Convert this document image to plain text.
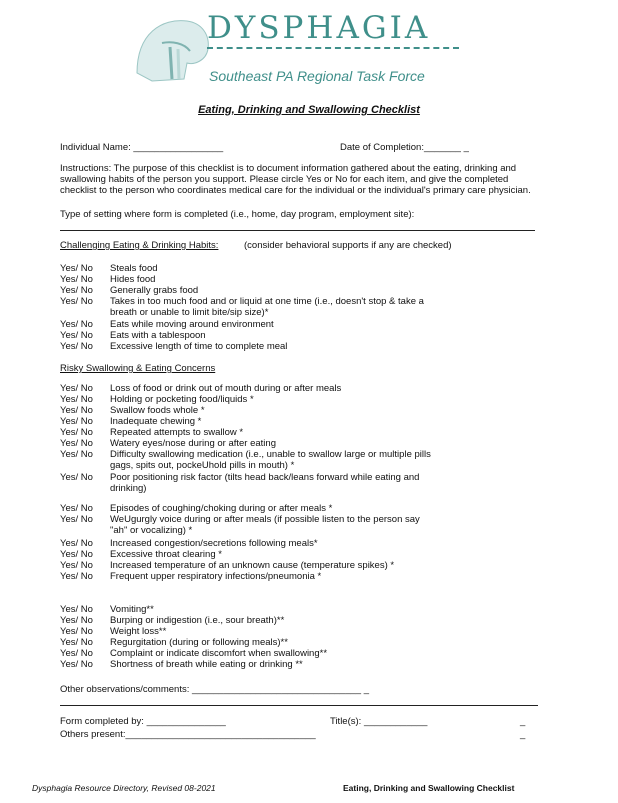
DYSPHAGIA
Southeast PA Regional Task Force
Eating, Drinking and Swallowing Checklist
Individual Name: _________________	Date of Completion:_______ _
Instructions: The purpose of this checklist is to document information gathered about the eating, drinking and
swallowing habits of the person you support. Please circle Yes or No for each item, and give the completed
checklist to the person who coordinates medical care for the individual or the individual's primary care physician.
Type of setting where form is completed (i.e., home, day program, employment site):
Challenging Eating & Drinking Habits:	(consider behavioral supports if any are checked)
Yes/ No Steals food
Yes/ No Hides food
Yes/ No Generally grabs food
Yes/ No Takes in too much food and or liquid at one time (i.e., doesn't stop & take a
breath or unable to limit bite/sip size)*
Yes/ No Eats while moving around environment
Yes/ No Eats with a tablespoon
Yes/ No Excessive length of time to complete meal
Risky Swallowing & Eating Concerns
Yes/ No Loss of food or drink out of mouth during or after meals
Yes/ No Holding or pocketing food/liquids *
Yes/ No Swallow foods whole *
Yes/ No Inadequate chewing *
Yes/ No Repeated attempts to swallow *
Yes/ No Watery eyes/nose during or after eating
Yes/ No Difficulty swallowing medication (i.e., unable to swallow large or multiple pills
gags, spits out, pockeUhold pills in mouth) *
Yes/ No Poor positioning risk factor (tilts head back/leans forward while eating and
drinking)
Yes/ No Episodes of coughing/choking during or after meals *
Yes/ No WeUgurgly voice during or after meals (if possible listen to the person say
"ah" or vocalizing) *
Yes/ No Increased congestion/secretions following meals*
Yes/ No Excessive throat clearing *
Yes/ No Increased temperature of an unknown cause (temperature spikes) *
Yes/ No Frequent upper respiratory infections/pneumonia *
Yes/ No Vomiting**
Yes/ No Burping or indigestion (i.e., sour breath)**
Yes/ No Weight loss**
Yes/ No Regurgitation (during or following meals)**
Yes/ No Complaint or indicate discomfort when swallowing**
Yes/ No Shortness of breath while eating or drinking **
Other observations/comments: ________________________________ _
Form completed by: _______________	Title(s): ____________	_
Others present:____________________________________	_
Dysphagia Resource Directory, Revised 08-2021	Eating, Drinking and Swallowing Checklist
